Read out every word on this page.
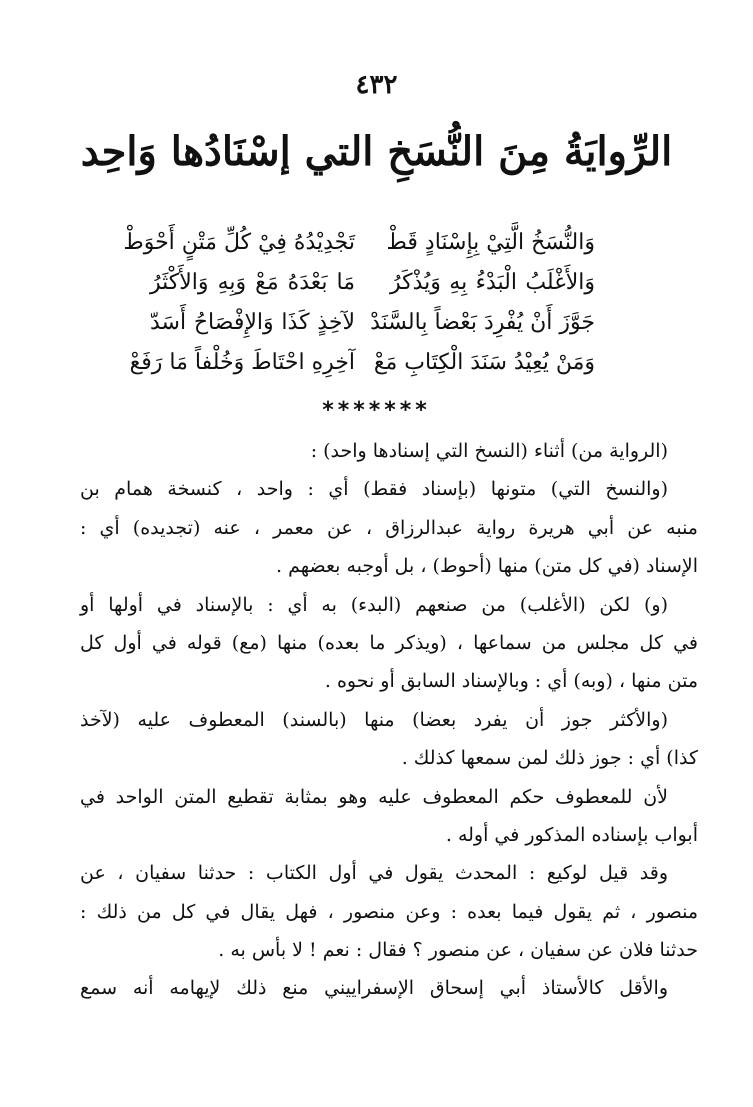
٤٣٢
الرِّوايَةُ مِنَ النُّسَخِ التي إسْنَادُها وَاحِد
وَالنُّسَخُ الَّتِيْ بِإِسْنَادٍ قَطْ
تَجْدِيْدُهُ فِيْ كُلِّ مَتْنٍ أَحْوَطْ
وَالأَغْلَبُ الْبَدْءُ بِهِ وَيُذْكَرُ
مَا بَعْدَهُ مَعْ وَبِهِ وَالأَكْثَرُ
جَوَّزَ أَنْ يُفْرِدَ بَعْضاً بِالسَّنَدْ
لآخِذٍ كَذَا وَالإِفْصَاحُ أَسَدّ
وَمَنْ يُعِيْدُ سَنَدَ الْكِتَابِ مَعْ
آخِرِهِ احْتَاطَ وَخُلْفاً مَا رَفَعْ
*******
(الرواية من) أثناء (النسخ التي إسنادها واحد) :
(والنسخ التي) متونها (بإسناد فقط) أي : واحد ، كنسخة همام بن
منبه عن أبي هريرة رواية عبدالرزاق ، عن معمر ، عنه (تجديده) أي :
الإسناد (في كل متن) منها (أحوط) ، بل أوجبه بعضهم .
(و) لكن (الأغلب) من صنعهم (البدء) به أي : بالإسناد في أولها أو
في كل مجلس من سماعها ، (ويذكر ما بعده) منها (مع) قوله في أول كل
متن منها ، (وبه) أي : وبالإسناد السابق أو نحوه .
(والأكثر جوز أن يفرد بعضا) منها (بالسند) المعطوف عليه (لآخذ
كذا) أي : جوز ذلك لمن سمعها كذلك .
لأن للمعطوف حكم المعطوف عليه وهو بمثابة تقطيع المتن الواحد في
أبواب بإسناده المذكور في أوله .
وقد قيل لوكيع : المحدث يقول في أول الكتاب : حدثنا سفيان ، عن
منصور ، ثم يقول فيما بعده : وعن منصور ، فهل يقال في كل من ذلك :
حدثنا فلان عن سفيان ، عن منصور ؟ فقال : نعم ! لا بأس به .
والأقل كالأستاذ أبي إسحاق الإسفراييني منع ذلك لإيهامه أنه سمع
